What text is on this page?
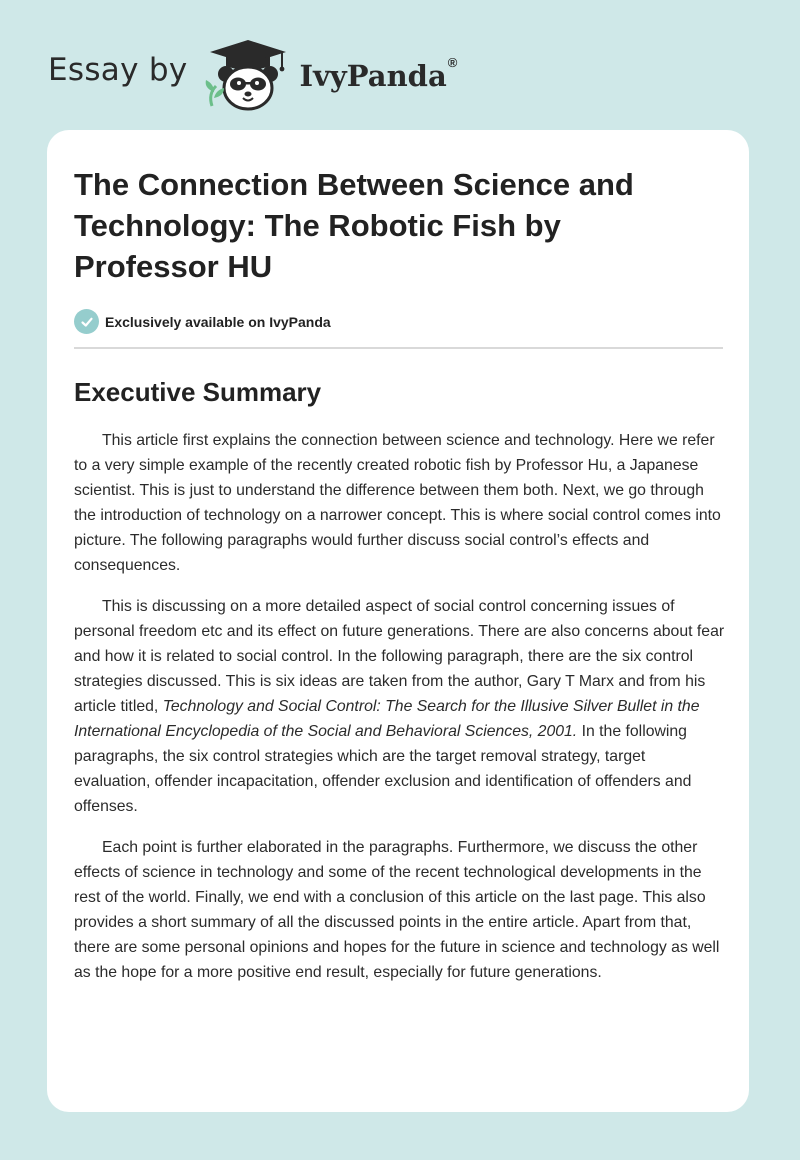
Essay by	IvyPanda®
The Connection Between Science and Technology: The Robotic Fish by Professor HU
Exclusively available on IvyPanda
Executive Summary

This article first explains the connection between science and technology. Here we refer to a very simple example of the recently created robotic fish by Professor Hu, a Japanese scientist. This is just to understand the difference between them both. Next, we go through the introduction of technology on a narrower concept. This is where social control comes into picture. The following paragraphs would further discuss social control’s effects and consequences.

This is discussing on a more detailed aspect of social control concerning issues of personal freedom etc and its effect on future generations. There are also concerns about fear and how it is related to social control. In the following paragraph, there are the six control strategies discussed. This is six ideas are taken from the author, Gary T Marx and from his article titled, Technology and Social Control: The Search for the Illusive Silver Bullet in the International Encyclopedia of the Social and Behavioral Sciences, 2001. In the following paragraphs, the six control strategies which are the target removal strategy, target evaluation, offender incapacitation, offender exclusion and identification of offenders and offenses.

Each point is further elaborated in the paragraphs. Furthermore, we discuss the other effects of science in technology and some of the recent technological developments in the rest of the world. Finally, we end with a conclusion of this article on the last page. This also provides a short summary of all the discussed points in the entire article. Apart from that, there are some personal opinions and hopes for the future in science and technology as well as the hope for a more positive end result, especially for future generations.
